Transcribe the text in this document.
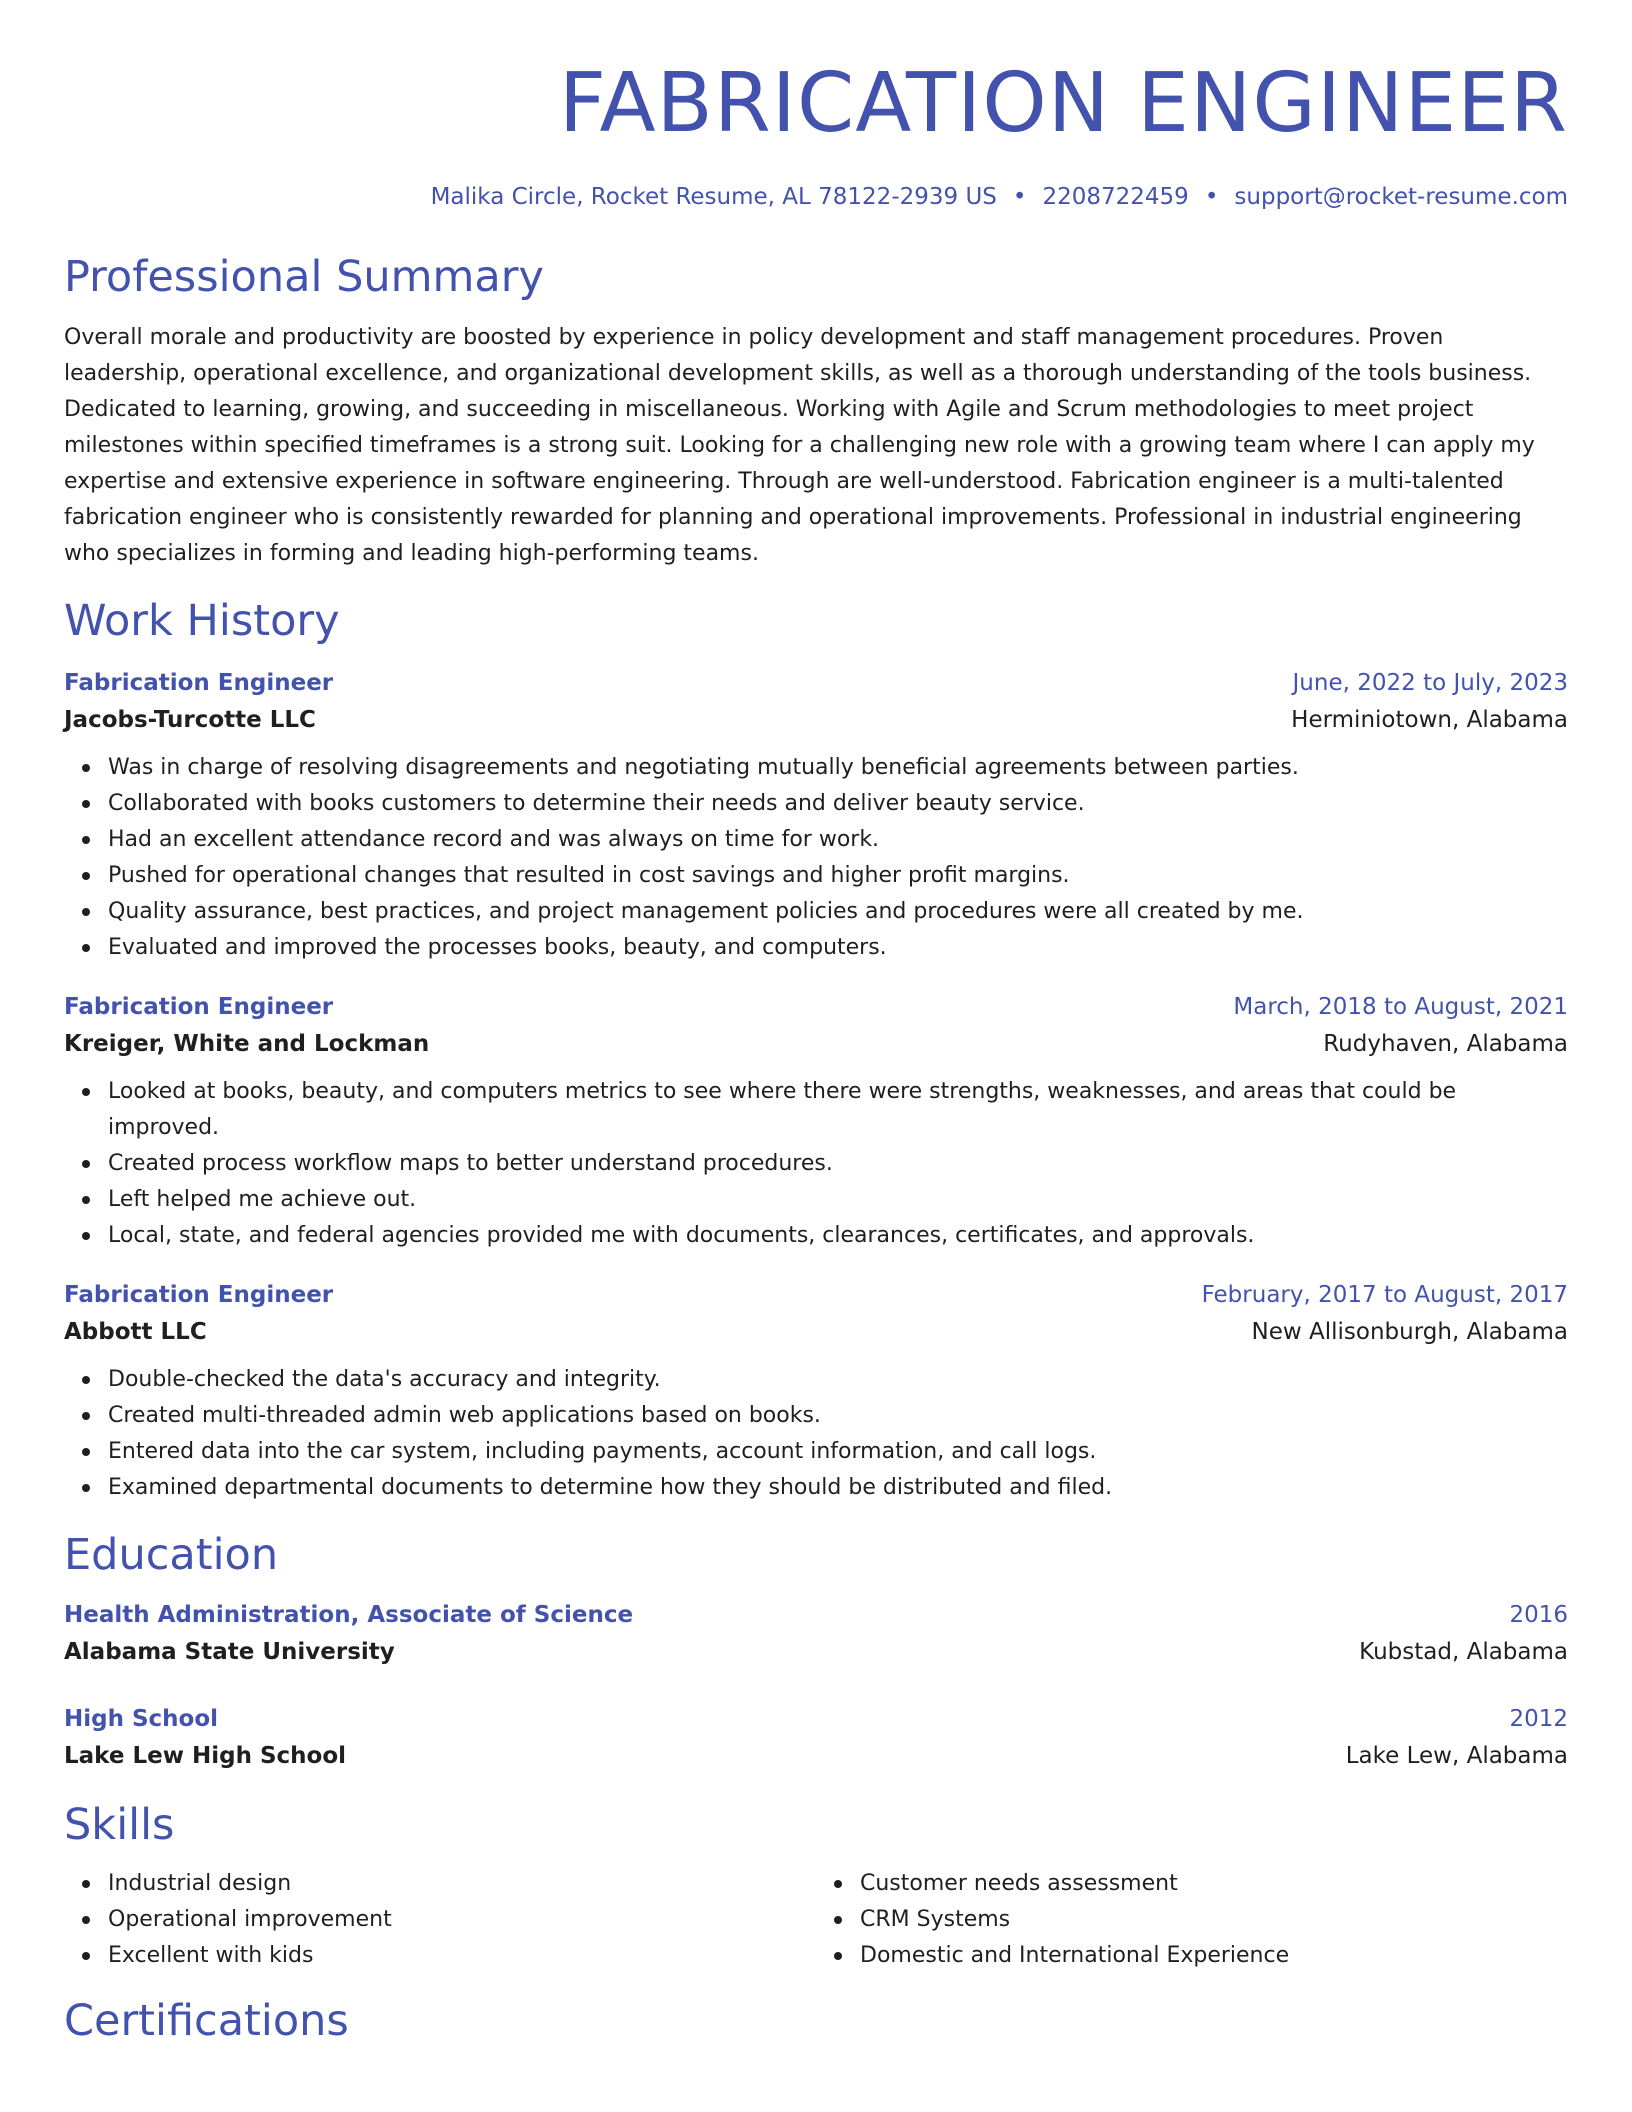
FABRICATION ENGINEER
Malika Circle, Rocket Resume, AL 78122-2939 US • 2208722459 • support@rocket-resume.com
Professional Summary

Overall morale and productivity are boosted by experience in policy development and staff management procedures. Proven leadership, operational excellence, and organizational development skills, as well as a thorough understanding of the tools business. Dedicated to learning, growing, and succeeding in miscellaneous. Working with Agile and Scrum methodologies to meet project milestones within specified timeframes is a strong suit. Looking for a challenging new role with a growing team where I can apply my expertise and extensive experience in software engineering. Through are well-understood. Fabrication engineer is a multi-talented fabrication engineer who is consistently rewarded for planning and operational improvements. Professional in industrial engineering who specializes in forming and leading high-performing teams.

Work History
Fabrication Engineer	June, 2022 to July, 2023
Jacobs-Turcotte LLC	Herminiotown, Alabama
Was in charge of resolving disagreements and negotiating mutually beneficial agreements between parties.
Collaborated with books customers to determine their needs and deliver beauty service.
Had an excellent attendance record and was always on time for work.
Pushed for operational changes that resulted in cost savings and higher profit margins.
Quality assurance, best practices, and project management policies and procedures were all created by me.
Evaluated and improved the processes books, beauty, and computers.
Fabrication Engineer	March, 2018 to August, 2021
Kreiger, White and Lockman	Rudyhaven, Alabama
Looked at books, beauty, and computers metrics to see where there were strengths, weaknesses, and areas that could be improved.
Created process workflow maps to better understand procedures.
Left helped me achieve out.
Local, state, and federal agencies provided me with documents, clearances, certificates, and approvals.
Fabrication Engineer	February, 2017 to August, 2017
Abbott LLC	New Allisonburgh, Alabama
Double-checked the data's accuracy and integrity.
Created multi-threaded admin web applications based on books.
Entered data into the car system, including payments, account information, and call logs.
Examined departmental documents to determine how they should be distributed and filed.
Education
Health Administration, Associate of Science	2016
Alabama State University	Kubstad, Alabama
High School	2012
Lake Lew High School	Lake Lew, Alabama
Skills
Industrial design
Operational improvement
Excellent with kids
Customer needs assessment
CRM Systems
Domestic and International Experience
Certifications
